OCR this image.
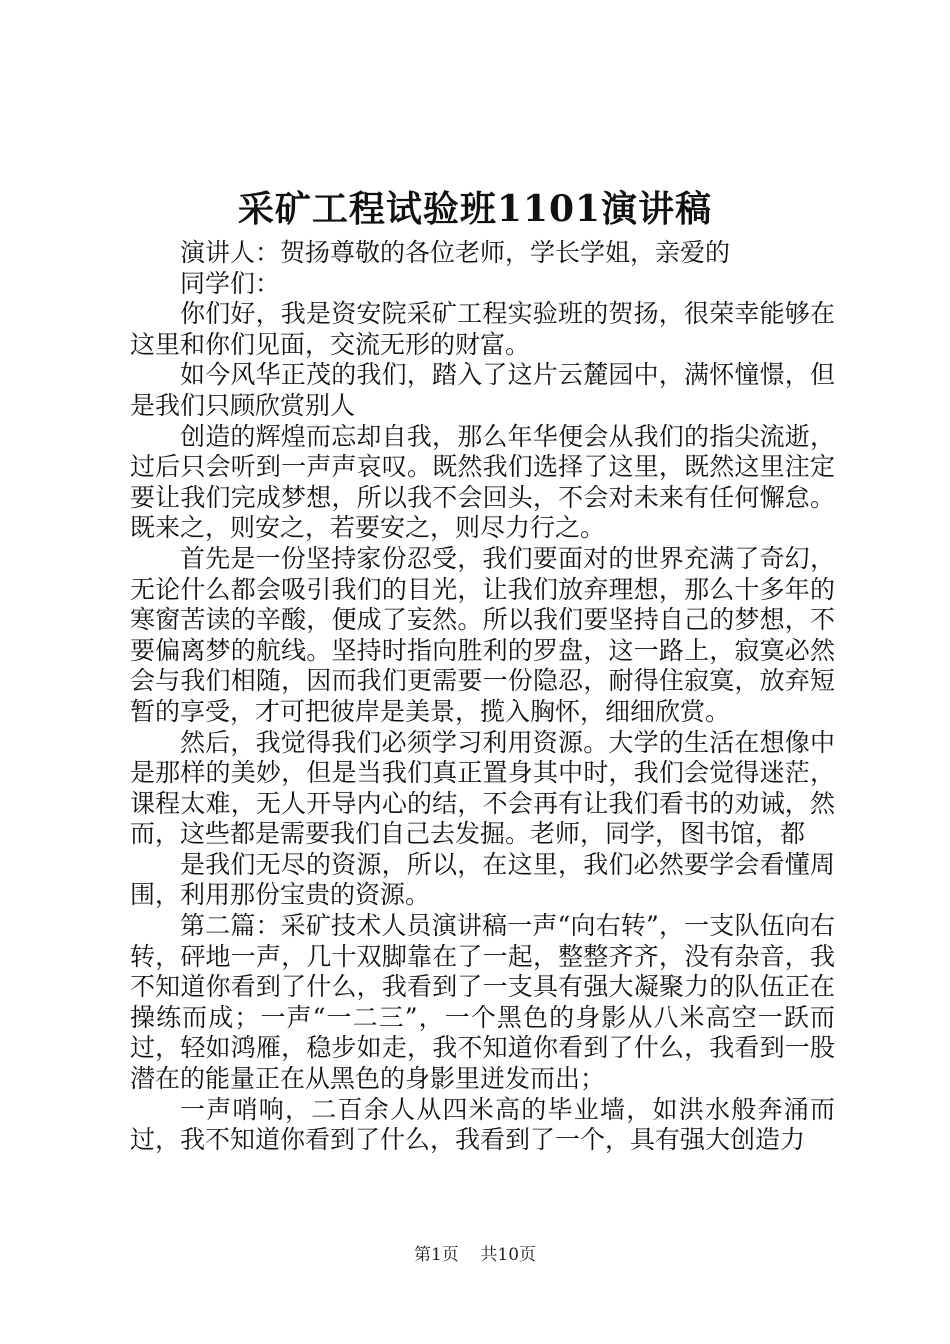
采矿工程试验班1101演讲稿

演讲人：贺扬尊敬的各位老师，学长学姐，亲爱的

同学们：

你们好，我是资安院采矿工程实验班的贺扬，很荣幸能够在这里和你们见面，交流无形的财富。

如今风华正茂的我们，踏入了这片云麓园中，满怀憧憬，但是我们只顾欣赏别人

创造的辉煌而忘却自我，那么年华便会从我们的指尖流逝，过后只会听到一声声哀叹。既然我们选择了这里，既然这里注定要让我们完成梦想，所以我不会回头，不会对未来有任何懈怠。既来之，则安之，若要安之，则尽力行之。

首先是一份坚持家份忍受，我们要面对的世界充满了奇幻，无论什么都会吸引我们的目光，让我们放弃理想，那么十多年的寒窗苦读的辛酸，便成了妄然。所以我们要坚持自己的梦想，不要偏离梦的航线。坚持时指向胜利的罗盘，这一路上，寂寞必然会与我们相随，因而我们更需要一份隐忍，耐得住寂寞，放弃短暂的享受，才可把彼岸是美景，揽入胸怀，细细欣赏。

然后，我觉得我们必须学习利用资源。大学的生活在想像中是那样的美妙，但是当我们真正置身其中时，我们会觉得迷茫，课程太难，无人开导内心的结，不会再有让我们看书的劝诫，然而，这些都是需要我们自己去发掘。老师，同学，图书馆，都

是我们无尽的资源，所以，在这里，我们必然要学会看懂周围，利用那份宝贵的资源。

第二篇：采矿技术人员演讲稿一声“向右转”，一支队伍向右转，砰地一声，几十双脚靠在了一起，整整齐齐，没有杂音，我不知道你看到了什么，我看到了一支具有强大凝聚力的队伍正在操练而成；一声“一二三”，一个黑色的身影从八米高空一跃而过，轻如鸿雁，稳步如走，我不知道你看到了什么，我看到一股潜在的能量正在从黑色的身影里迸发而出；

一声哨响，二百余人从四米高的毕业墙，如洪水般奔涌而过，我不知道你看到了什么，我看到了一个，具有强大创造力

第1页 共10页
